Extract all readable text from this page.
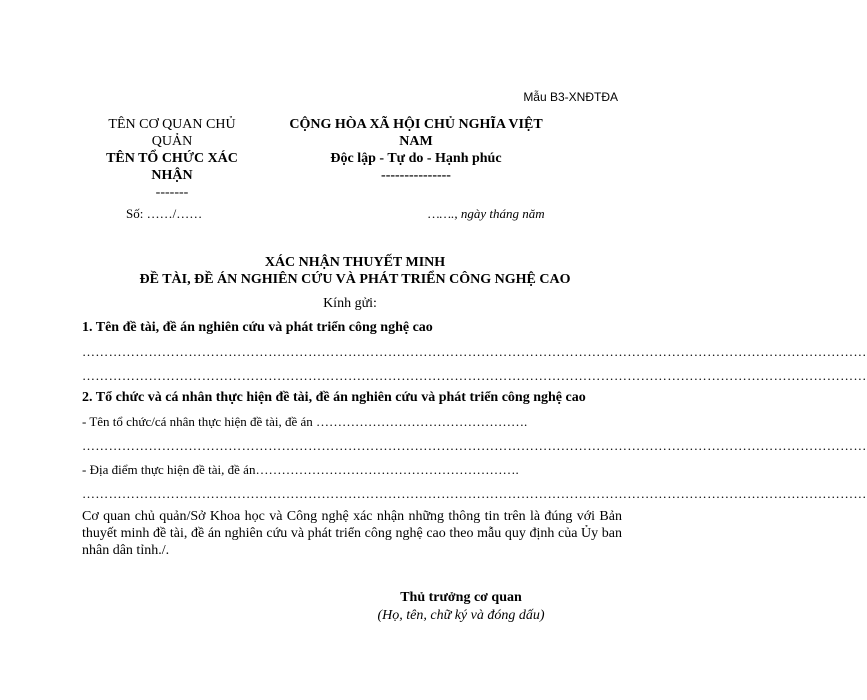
Mẫu B3-XNĐTĐA
TÊN CƠ QUAN CHỦ QUẢN
TÊN TỔ CHỨC XÁC NHẬN
-------
CỘNG HÒA XÃ HỘI CHỦ NGHĨA VIỆT NAM
Độc lập - Tự do - Hạnh phúc
---------------
Số: ……/……	……., ngày tháng năm
XÁC NHẬN THUYẾT MINH
ĐỀ TÀI, ĐỀ ÁN NGHIÊN CỨU VÀ PHÁT TRIỂN CÔNG NGHỆ CAO
Kính gửi:
1. Tên đề tài, đề án nghiên cứu và phát triển công nghệ cao
……………………………………………………………………………………………………………………………………………………………
……………………………………………………………………………………………………………………………………………………………
2. Tổ chức và cá nhân thực hiện đề tài, đề án nghiên cứu và phát triển công nghệ cao
- Tên tổ chức/cá nhân thực hiện đề tài, đề án ………………………………………….
……………………………………………………………………………………………………………………………………………………………
- Địa điểm thực hiện đề tài, đề án…………………………………………………….
……………………………………………………………………………………………………………………………………………………………
Cơ quan chủ quản/Sở Khoa học và Công nghệ xác nhận những thông tin trên là đúng với Bản thuyết minh đề tài, đề án nghiên cứu và phát triển công nghệ cao theo mẫu quy định của Ủy ban nhân dân tỉnh./.
Thủ trưởng cơ quan
(Họ, tên, chữ ký và đóng dấu)
